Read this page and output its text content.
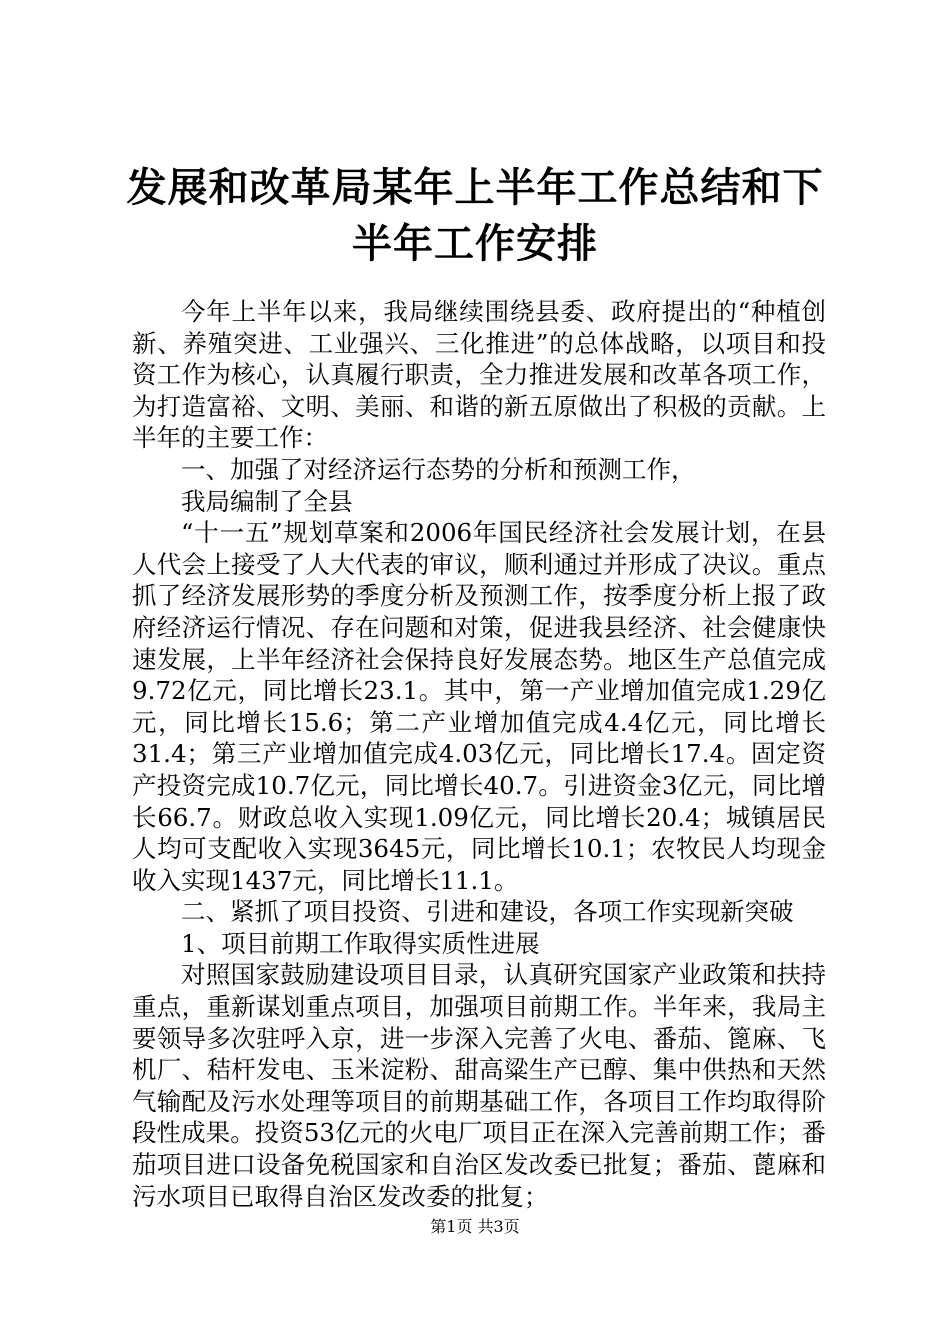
发展和改革局某年上半年工作总结和下半年工作安排

今年上半年以来，我局继续围绕县委、政府提出的“种植创新、养殖突进、工业强兴、三化推进”的总体战略，以项目和投资工作为核心，认真履行职责，全力推进发展和改革各项工作，为打造富裕、文明、美丽、和谐的新五原做出了积极的贡献。上半年的主要工作：

一、加强了对经济运行态势的分析和预测工作，

我局编制了全县

“十一五”规划草案和2006年国民经济社会发展计划，在县人代会上接受了人大代表的审议，顺利通过并形成了决议。重点抓了经济发展形势的季度分析及预测工作，按季度分析上报了政府经济运行情况、存在问题和对策，促进我县经济、社会健康快速发展，上半年经济社会保持良好发展态势。地区生产总值完成9.72亿元，同比增长23.1。其中，第一产业增加值完成1.29亿元，同比增长15.6；第二产业增加值完成4.4亿元，同比增长31.4；第三产业增加值完成4.03亿元，同比增长17.4。固定资产投资完成10.7亿元，同比增长40.7。引进资金3亿元，同比增长66.7。财政总收入实现1.09亿元，同比增长20.4；城镇居民人均可支配收入实现3645元，同比增长10.1；农牧民人均现金收入实现1437元，同比增长11.1。

二、紧抓了项目投资、引进和建设，各项工作实现新突破

1、项目前期工作取得实质性进展

对照国家鼓励建设项目目录，认真研究国家产业政策和扶持重点，重新谋划重点项目，加强项目前期工作。半年来，我局主要领导多次驻呼入京，进一步深入完善了火电、番茄、篦麻、飞机厂、秸杆发电、玉米淀粉、甜高粱生产已醇、集中供热和天然气输配及污水处理等项目的前期基础工作，各项目工作均取得阶段性成果。投资53亿元的火电厂项目正在深入完善前期工作；番茄项目进口设备免税国家和自治区发改委已批复；番茄、蓖麻和污水项目已取得自治区发改委的批复；

第1页 共3页
